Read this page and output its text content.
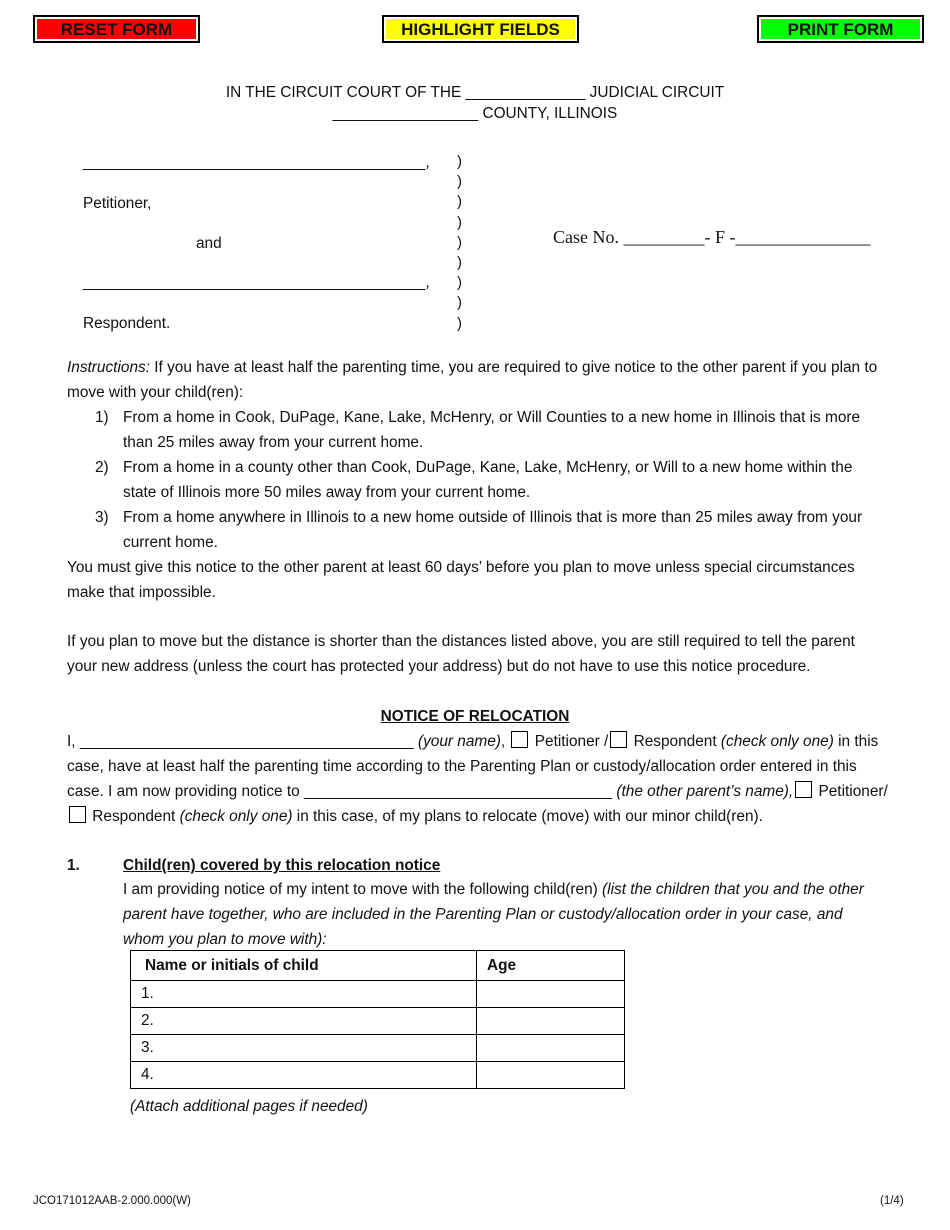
RESET FORM	HIGHLIGHT FIELDS	PRINT FORM
IN THE CIRCUIT COURT OF THE ______________ JUDICIAL CIRCUIT
_________________ COUNTY, ILLINOIS
________________________________________,
Petitioner,
and
________________________________________,
Respondent.
)
)
)
)
)
)
)
)
)
Case No. _________- F -_______________
Instructions: If you have at least half the parenting time, you are required to give notice to the other parent if you plan to move with your child(ren):
1) From a home in Cook, DuPage, Kane, Lake, McHenry, or Will Counties to a new home in Illinois that is more than 25 miles away from your current home.
2) From a home in a county other than Cook, DuPage, Kane, Lake, McHenry, or Will to a new home within the state of Illinois more 50 miles away from your current home.
3) From a home anywhere in Illinois to a new home outside of Illinois that is more than 25 miles away from your current home.
You must give this notice to the other parent at least 60 days’ before you plan to move unless special circumstances make that impossible.
If you plan to move but the distance is shorter than the distances listed above, you are still required to tell the parent your new address (unless the court has protected your address) but do not have to use this notice procedure.
NOTICE OF RELOCATION
I, _______________________________________ (your name),  Petitioner / Respondent (check only one) in this case, have at least half the parenting time according to the Parenting Plan or custody/allocation order entered in this case. I am now providing notice to ____________________________________ (the other parent’s name), Petitioner/  Respondent (check only one) in this case, of my plans to relocate (move) with our minor child(ren).
1.	Child(ren) covered by this relocation notice
I am providing notice of my intent to move with the following child(ren) (list the children that you and the other parent have together, who are included in the Parenting Plan or custody/allocation order in your case, and whom you plan to move with):
Name or initials of child	Age
1.	
2.	
3.	
4.	
(Attach additional pages if needed)
JCO171012AAB-2.000.000(W)	(1/4)
